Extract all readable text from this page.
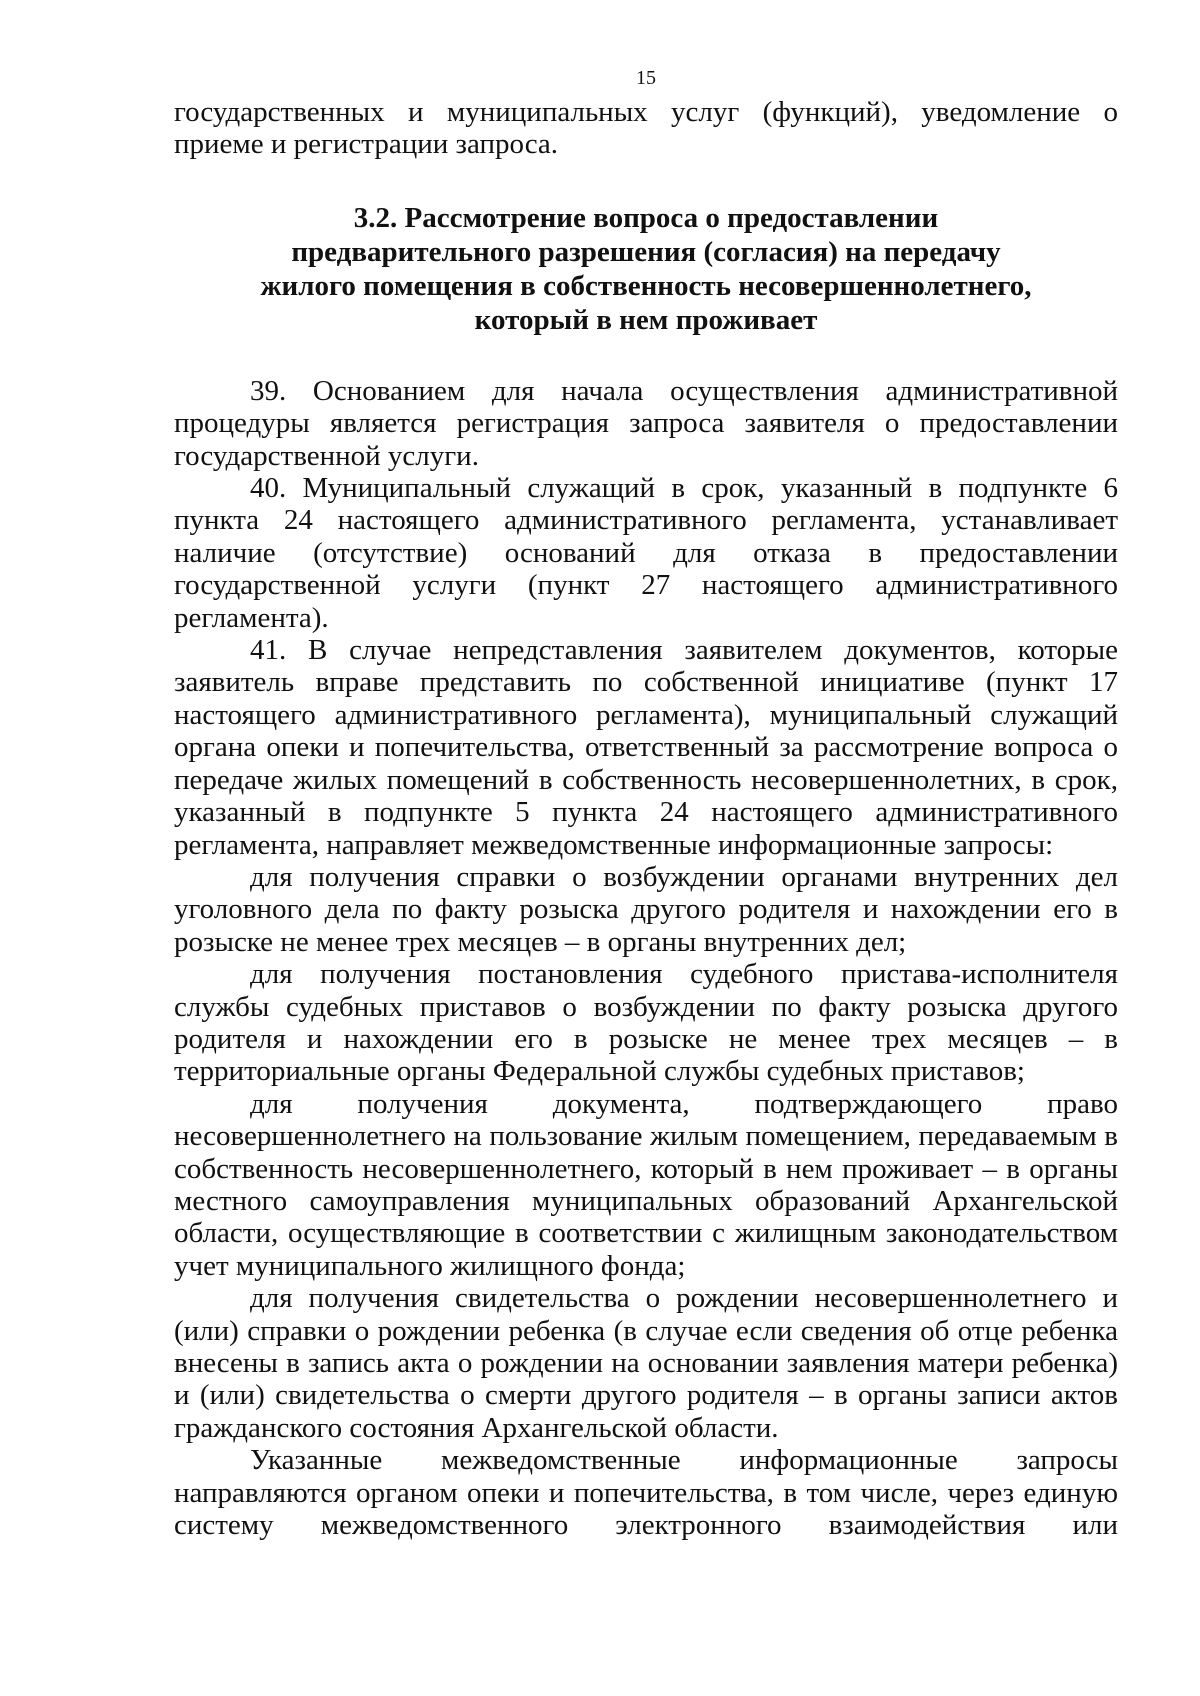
15

государственных и муниципальных услуг (функций), уведомление о приеме и регистрации запроса.

3.2. Рассмотрение вопроса о предоставлении
предварительного разрешения (согласия) на передачу
жилого помещения в собственность несовершеннолетнего,
который в нем проживает

39. Основанием для начала осуществления административной процедуры является регистрация запроса заявителя о предоставлении государственной услуги.

40. Муниципальный служащий в срок, указанный в подпункте 6 пункта 24 настоящего административного регламента, устанавливает наличие (отсутствие) оснований для отказа в предоставлении государственной услуги (пункт 27 настоящего административного регламента).

41. В случае непредставления заявителем документов, которые заявитель вправе представить по собственной инициативе (пункт 17 настоящего административного регламента), муниципальный служащий органа опеки и попечительства, ответственный за рассмотрение вопроса о передаче жилых помещений в собственность несовершеннолетних, в срок, указанный в подпункте 5 пункта 24 настоящего административного регламента, направляет межведомственные информационные запросы:

для получения справки о возбуждении органами внутренних дел уголовного дела по факту розыска другого родителя и нахождении его в розыске не менее трех месяцев – в органы внутренних дел;

для получения постановления судебного пристава-исполнителя службы судебных приставов о возбуждении по факту розыска другого родителя и нахождении его в розыске не менее трех месяцев – в территориальные органы Федеральной службы судебных приставов;

для получения документа, подтверждающего право несовершеннолетнего на пользование жилым помещением, передаваемым в собственность несовершеннолетнего, который в нем проживает – в органы местного самоуправления муниципальных образований Архангельской области, осуществляющие в соответствии с жилищным законодательством учет муниципального жилищного фонда;

для получения свидетельства о рождении несовершеннолетнего и (или) справки о рождении ребенка (в случае если сведения об отце ребенка внесены в запись акта о рождении на основании заявления матери ребенка) и (или) свидетельства о смерти другого родителя – в органы записи актов гражданского состояния Архангельской области.

Указанные межведомственные информационные запросы направляются органом опеки и попечительства, в том числе, через единую систему межведомственного электронного взаимодействия или
